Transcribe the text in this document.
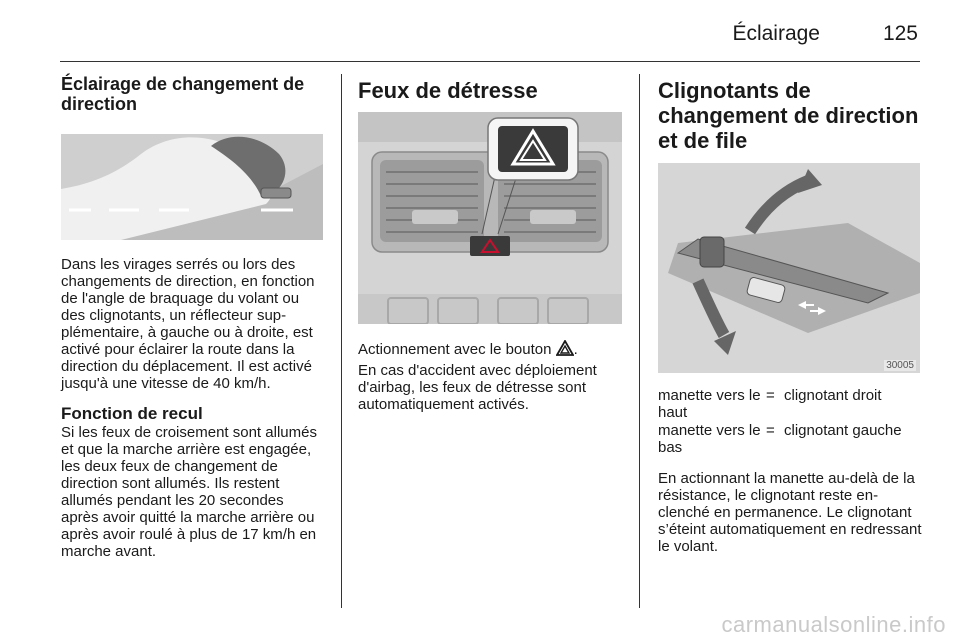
Éclairage	125
Éclairage de changement de direction
Dans les virages serrés ou lors des changements de direction, en fonction de l'angle de braquage du volant ou des clignotants, un réflecteur supplémentaire, à gauche ou à droite, est activé pour éclairer la route dans la direction du déplacement. Il est activé jusqu'à une vitesse de 40 km/h.
Fonction de recul
Si les feux de croisement sont allumés et que la marche arrière est engagée, les deux feux de changement de direction sont allumés. Ils restent allumés pendant les 20 secondes après avoir quitté la marche arrière ou après avoir roulé à plus de 17 km/h en marche avant.
Feux de détresse
Actionnement avec le bouton .
En cas d'accident avec déploiement d'airbag, les feux de détresse sont automatiquement activés.
Clignotants de changement de direction et de file
30005
manette vers le haut
= clignotant droit
manette vers le bas
= clignotant gauche
En actionnant la manette au-delà de la résistance, le clignotant reste enclenché en permanence. Le clignotant s’éteint automatiquement en redressant le volant.
carmanualsonline.info
